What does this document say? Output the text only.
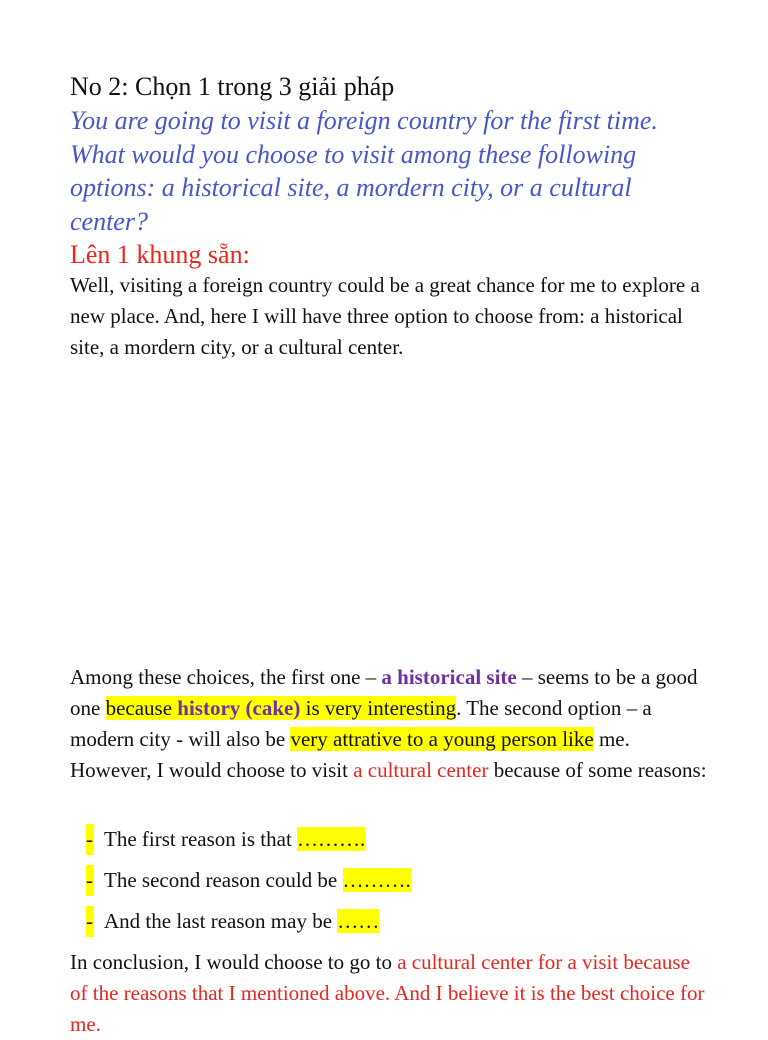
No 2: Chọn 1 trong 3 giải pháp
You are going to visit a foreign country for the first time. What would you choose to visit among these following options: a historical site, a mordern city, or a cultural center?
Lên 1 khung sẵn:
Well, visiting a foreign country could be a great chance for me to explore a new place. And, here I will have three option to choose from: a historical site, a mordern city, or a cultural center.
Among these choices, the first one – a historical site – seems to be a good one because history (cake) is very interesting. The second option – a modern city - will also be very attrative to a young person like me. However, I would choose to visit a cultural center because of some reasons:
- The first reason is that ……….
- The second reason could be ……….
- And the last reason may be ……
In conclusion, I would choose to go to a cultural center for a visit because of the reasons that I mentioned above. And I believe it is the best choice for me.
